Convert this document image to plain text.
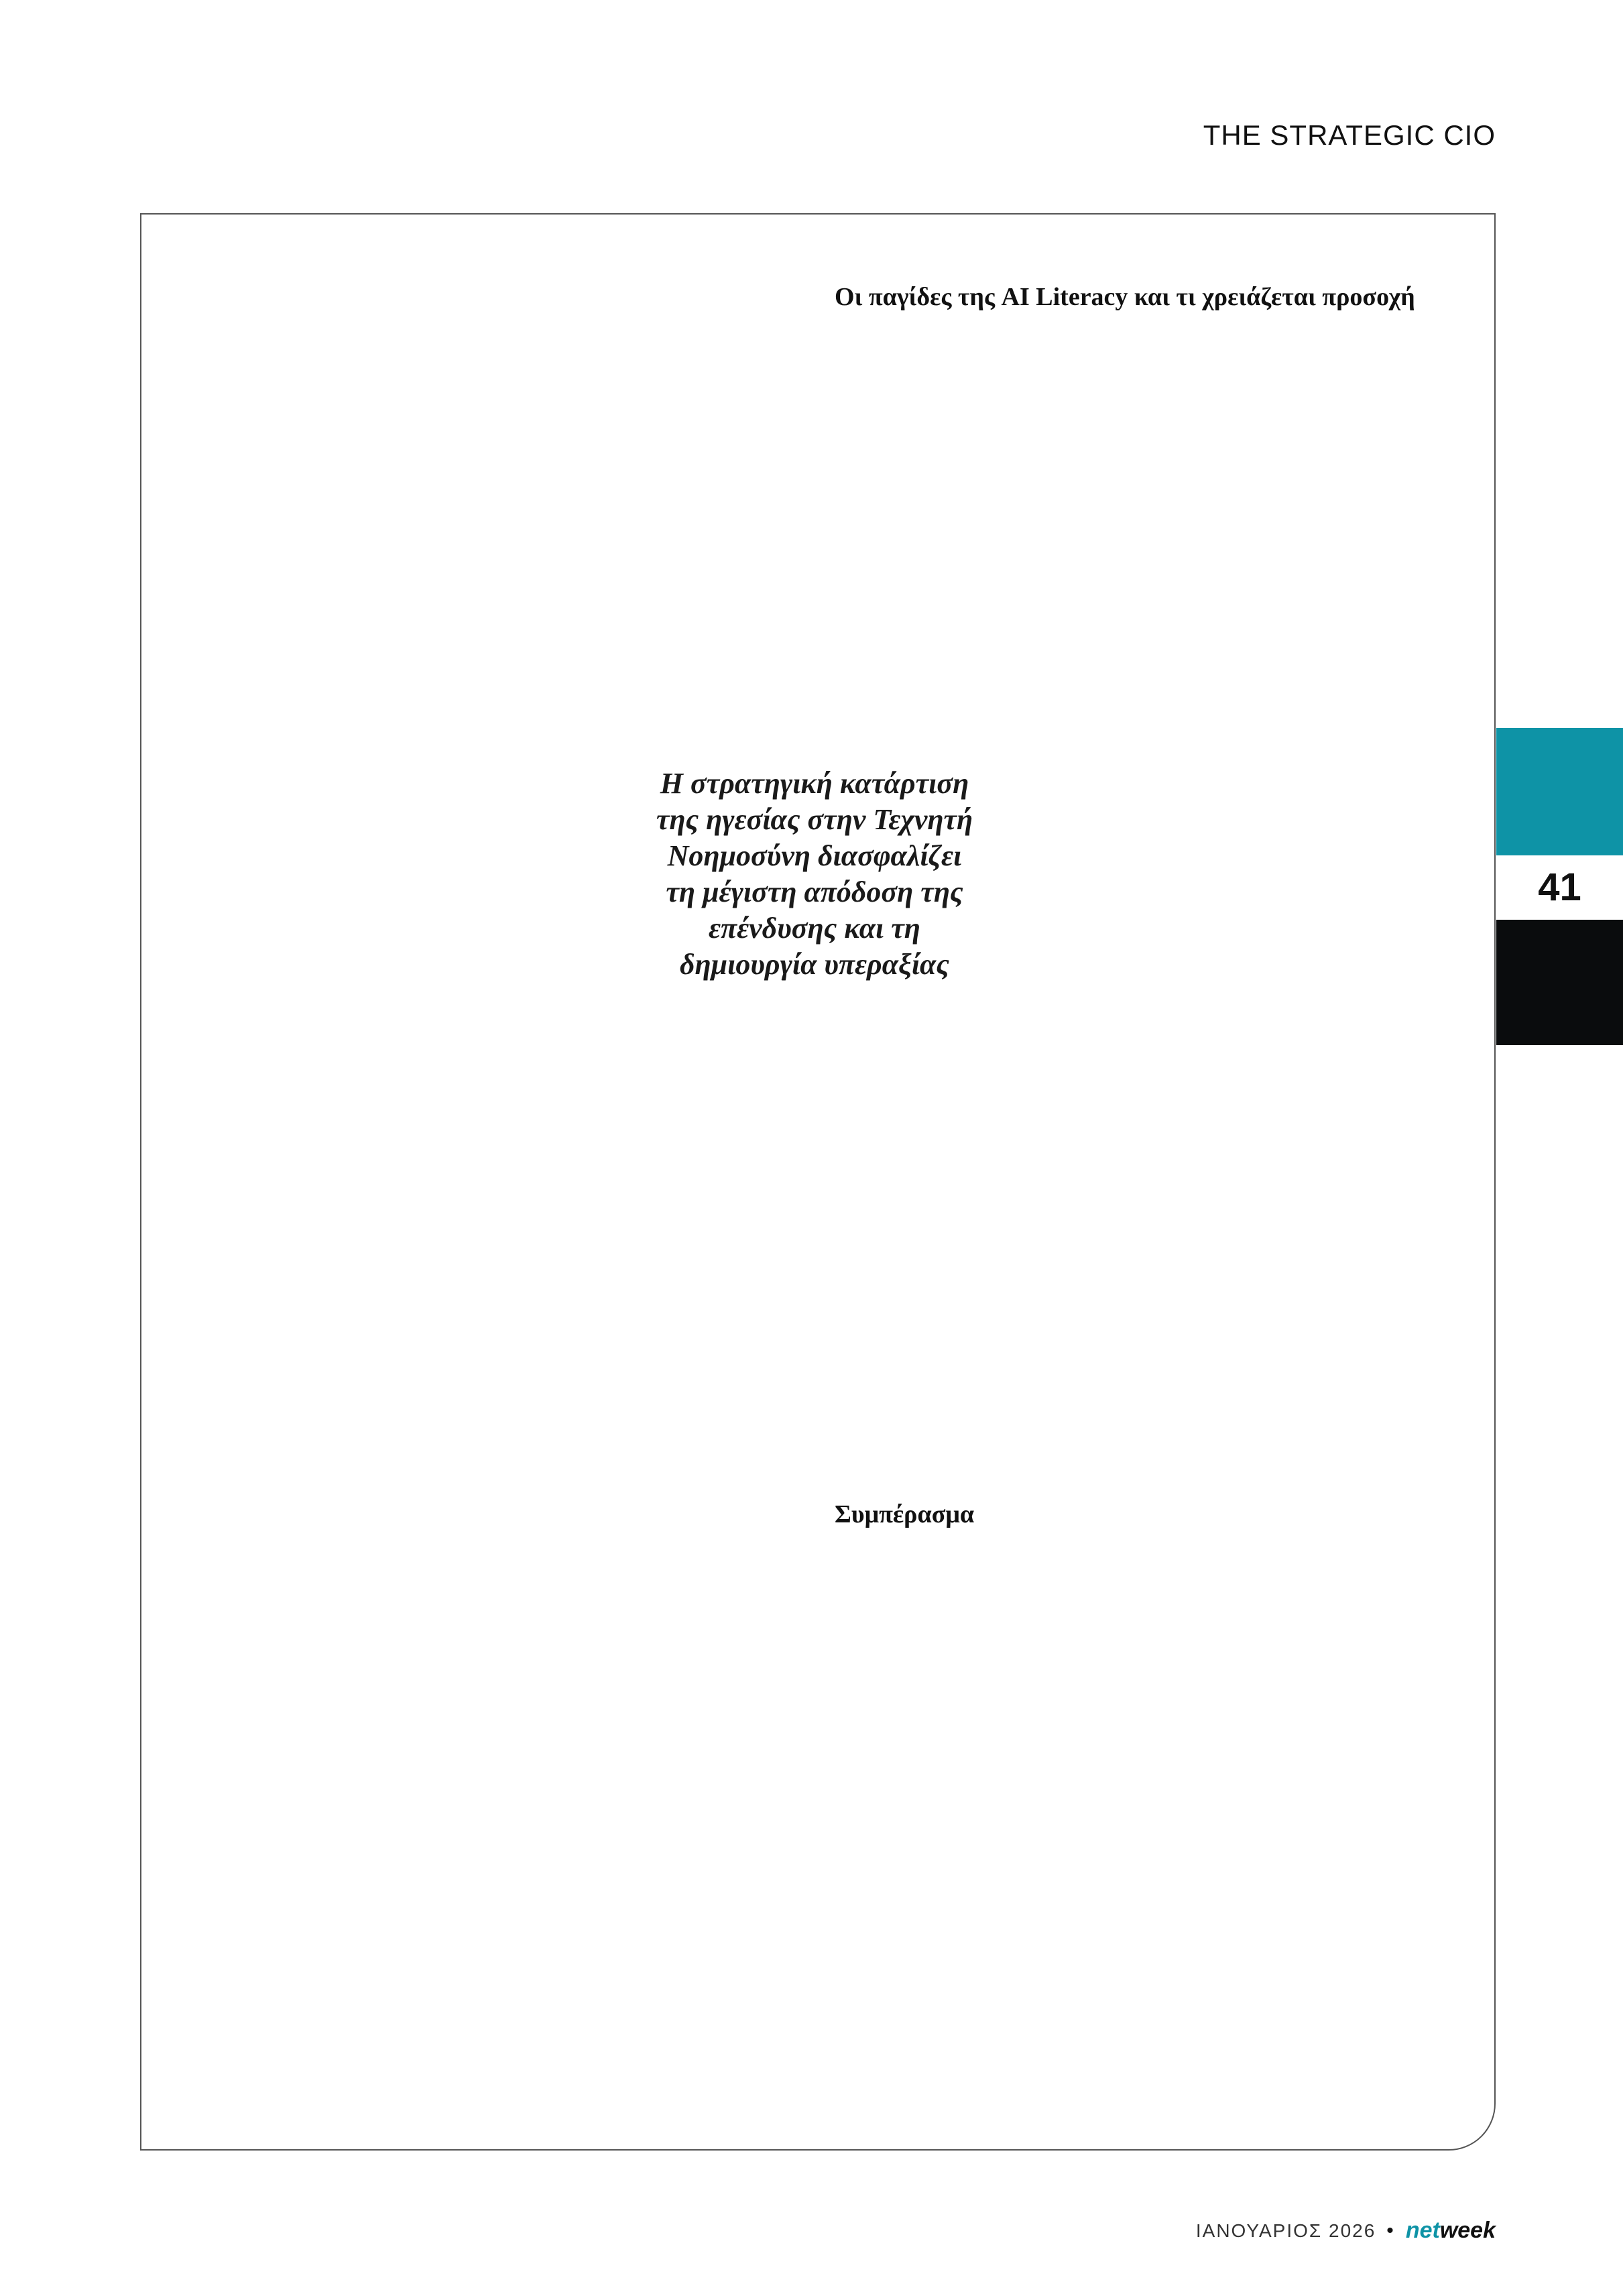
THE STRATEGIC CIO

Οι παγίδες της AI Literacy και τι χρειάζεται προσοχή

Συμπέρασμα

Η στρατηγική κατάρτιση της ηγεσίας στην Τεχνητή Νοημοσύνη διασφαλίζει τη μέγιστη απόδοση της επένδυσης και τη δημιουργία υπεραξίας
41
ΙΑΝΟΥΑΡΙΟΣ 2026 • net week
